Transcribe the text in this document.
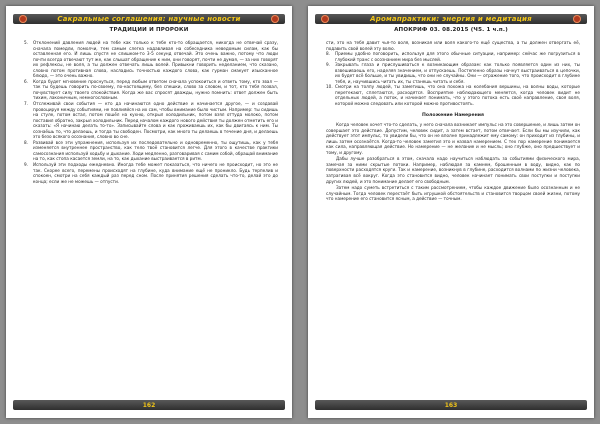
Сакральные соглашения: научные новости
ТРАДИЦИИ И ПРОРОКИ
5.	Отклонений давления людей на тебе как только к тебе кто-то обращается, никогда не отвечай сразу, сначала помедли, помолчи, тем самым слегка надавливая на собеседника неведомым силам, как бы оставленная его. И лишь спустя не слишком-то 3-5 секунд отвечай. Это очень важно, потому что люди почти всегда отвечают тут же, как слышат обращение к ним, они говорят, почти не думая, — за них говорят их рефлексы, не воля, а ты должен отвечать лишь волей. Привыкни говорить неделанием, что сказано, словно потом противная слова, насладись точностью каждого слова, как гурман смакует изысканное блюдо, — это очень важно.
6.	Когда будет мгновение проснуться, перед любым ответом сначала успокоиться и ответь тому, кто звал — так ты будешь говорить по-своему, по-настоящему, без спешки, слово за словом, и тот, кто тебя позвал, почувствует силу твоего спокойствия. Когда же вас спросят дважды, нужно помнить: ответ должен быть тихим, лаконичным, немногословным.
7.	Отслеживай свои события — кто да начинаются одно действие и начинается другое, — и создавай провоцируя между событиями, не повлияйся на их сам, чтобы внимание было чистым. Например: ты сидишь на стуле, потом встал, потом пошёл на кухню, открыл холодильник, потом взял оттуда молоко, потом поставил обратно, закрыл холодильник. Перед началом каждого нового действия ты должен отметить его и сказать: «Я начинаю делать то-то». Записывайте слова и как проживаешь их, как бы двигаясь к ним. Ты сознаёшь то, что делаешь, и тогда ты свободен. Посмотри, как много ты делаешь в течение дня, и делаешь это безо всякого осознания, словно во сне.
8.	Развивай все эти упражнения, используя их последовательно и одновременно, ты ощутишь, как у тебя изменяется внутреннее пространство, как тело твоё становится легче. Для этого в качестве практики самосознания используй ходьбу и дыхание. Ходи медленно, разговаривая с самим собой, обращай внимание на то, как стопа касается земли, на то, как дыхание выстраивается в ритм.
9.	Используй эти подходы ежедневно. Иногда тебе может показаться, что ничего не происходит, но это не так. Скорее всего, перемены происходят на глубине, куда внимание ещё не проникло. Будь терпелив и спокоен, смотри на себя каждый раз перед сном. После принятия решения сделать что-то, делай это до конца; если же не можешь — отпусти.
162
Аромапрактики: энергия и медитация
АПОКРИФ 03. 08.2015 (Ч5. 1 ч.п.)

сти, это на тебя давит чья-то воля, возникая или воля какого-то ещё существа, а ты должен отвергать её, подавить свой волей эту волю.

8.	Приемы удобно поговорить, используя для этого обычные ситуации, например: сейчас же погрузиться в глубокий транс с осознанием мира без мыслей.
9.	Закрывать глаза и прислушиваться к возникающим образам: как только появляется один из них, ты взвешиваешь его, наделяя значением, и отпускаешь. Постепенно образы начнут выстраиваться в цепочки, их будет всё больше, и ты увидишь, что они не случайны. Они — отражение того, что происходит в глубине тебя, и, научившись читать их, ты станешь читать и себя.
10. Смотри на толпу людей, ты заметишь, что она похожа на колебания вершины, на волны воды, которые перетекают, сплетаются, расходятся. Восприятие наблюдающего меняется, когда человек видит не отдельных людей, а поток, и начинает понимать, что у этого потока есть своё направление, своя воля, которой можно следовать или которой можно противостоять.
Положение Намерения

Когда человек хочет что-то сделать, у него сначала возникает импульс на это совершение, и лишь затем он совершает это действие. Допустим, человек сидит, а затем встает, потом отвечает. Если бы мы изучили, как действует этот импульс, то увидели бы, что он не вполне принадлежит ему самому: он приходит из глубины, и лишь затем осознаётся. Когда-то человек заметил это и назвал намерением. С тех пор намерение понимается как сила, направляющая действие. Но намерение — не желание и не мысль; оно глубже, оно предшествует и тому, и другому.

Дабы лучше разобраться в этом, сначала надо научиться наблюдать за событиями физического мира, замечая за ними скрытые потоки. Например, наблюдая за камнем, брошенным в воду, видно, как по поверхности расходятся круги. Так и намерение, возникнув в глубине, расходится волнами по жизни человека, затрагивая всё вокруг. Когда это становится видно, человек начинает понимать свои поступки и поступки других людей, и это понимание делает его свободным.

Затем надо суметь встретиться с таким рассмотрением, чтобы каждое движение было осознанным и не случайным. Тогда человек перестаёт быть игрушкой обстоятельств и становится творцом своей жизни, потому что намерение его становится ясным, а действие — точным.

163
